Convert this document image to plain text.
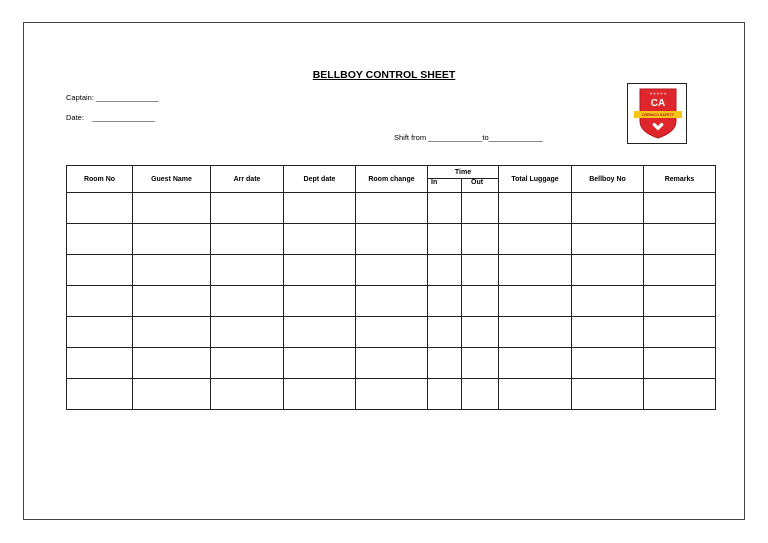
BELLBOY CONTROL SHEET
Captain: _______________
Date:    _______________
Shift from _____________to_____________
★ ★ ★ ★ ★
CA
CHEMICO SAFETY
Room No	Guest Name	Arr date	Dept date	Room change	Time		Total Luggage	Bellboy No	Remarks
					In	Out			
